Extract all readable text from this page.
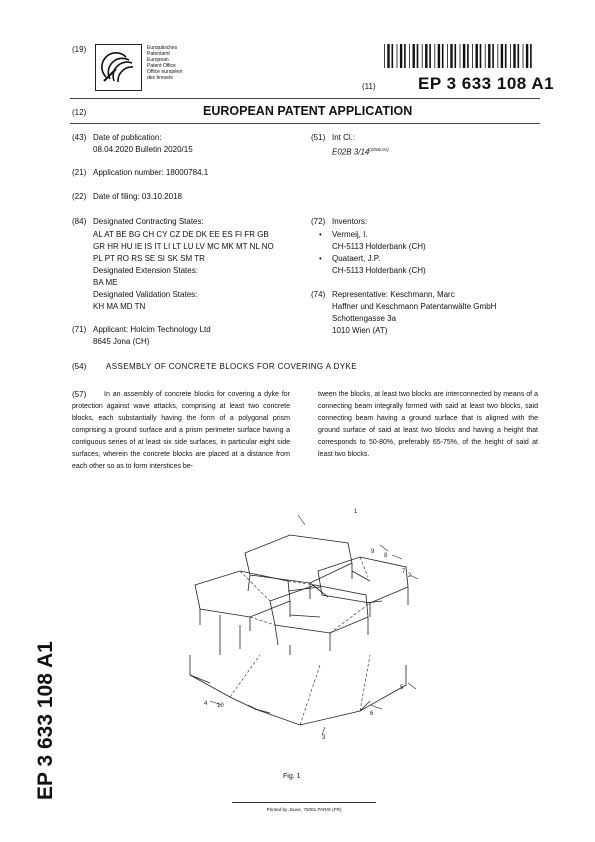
(19)	Europäisches
Patentamt
European
Patent Office
Office européen
des brevets
(11) EP 3 633 108 A1
(12)	EUROPEAN PATENT APPLICATION
(43) Date of publication:
08.04.2020 Bulletin 2020/15
(21) Application number: 18000784.1
(22) Date of filing: 03.10.2018
(84) Designated Contracting States:
AL AT BE BG CH CY CZ DE DK EE ES FI FR GB
GR HR HU IE IS IT LI LT LU LV MC MK MT NL NO
PL PT RO RS SE SI SK SM TR
Designated Extension States:
BA ME
Designated Validation States:
KH MA MD TN
(71) Applicant: Holcim Technology Ltd
8645 Jona (CH)
(51) Int Cl.:
E02B $3/14^{(2006.01)}$
(72) Inventors:
• Vermeij, I.
CH-5113 Holderbank (CH)
• Quataert, J.P.
CH-5113 Holderbank (CH)
(74) Representative: Keschmann, Marc
Haffner und Keschmann Patentanwälte GmbH
Schottengasse 3a
1010 Wien (AT)
(54) ASSEMBLY OF CONCRETE BLOCKS FOR COVERING A DYKE
(57)	In an assembly of concrete blocks for covering a dyke for protection against wave attacks, comprising at least two concrete blocks, each substantially having the form of a polygonal prism comprising a ground surface and a prism perimeter surface having a contiguous series of at least six side surfaces, in particular eight side surfaces, wherein the concrete blocks are placed at a distance from each other so as to form interstices be-
tween the blocks, at least two blocks are interconnected by means of a connecting beam integrally formed with said at least two blocks, said connecting beam having a ground surface that is aligned with the ground surface of said at least two blocks and having a height that corresponds to 50-80%, preferably 65-75%, of the height of said at least two blocks.
1
9
8
7
2
4 10
5
3
6
Fig. 1
Printed by Jouve, 75001 PARIS (FR)
EP 3 633 108 A1
